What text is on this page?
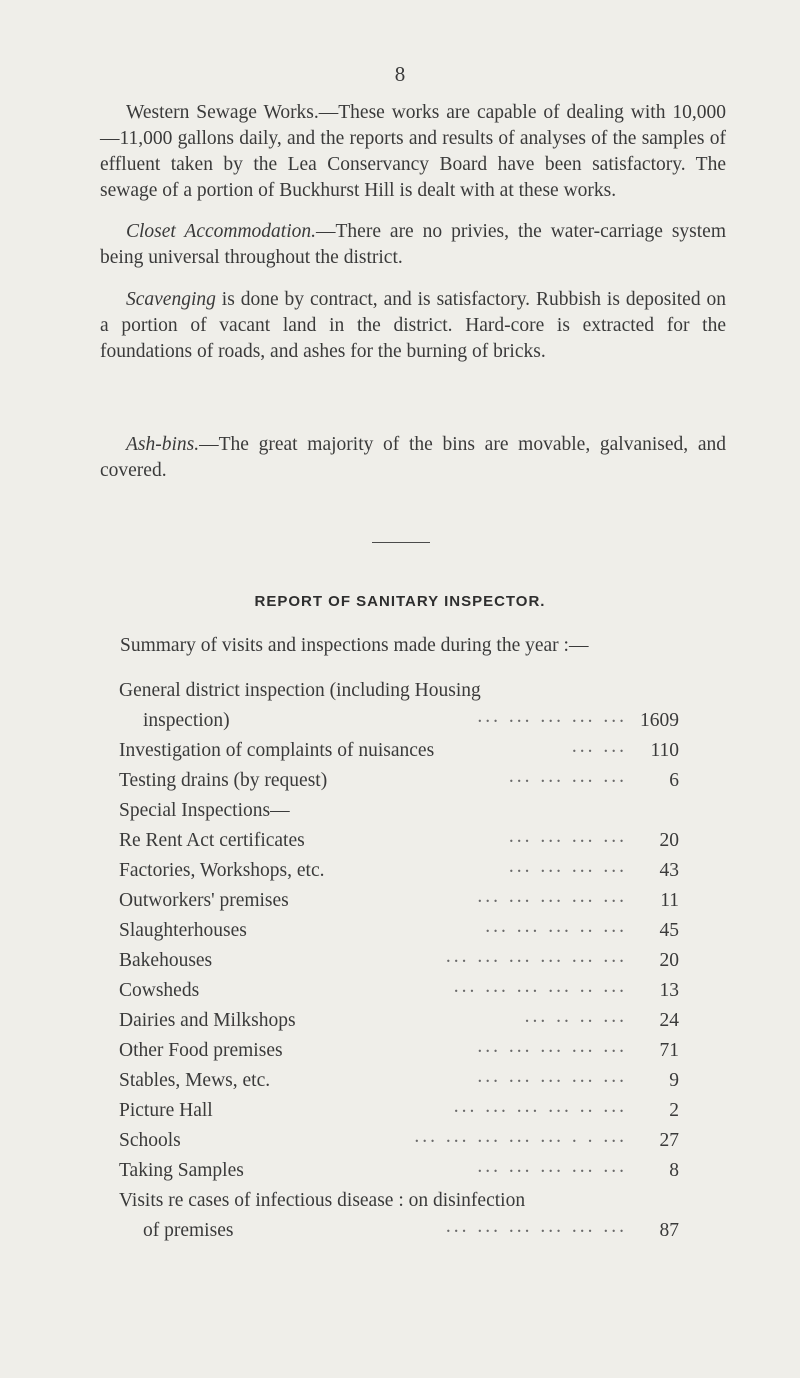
8

Western Sewage Works.—These works are capable of dealing with 10,000—11,000 gallons daily, and the reports and results of analyses of the samples of effluent taken by the Lea Conservancy Board have been satisfactory. The sewage of a portion of Buckhurst Hill is dealt with at these works.

Closet Accommodation.—There are no privies, the water-carriage system being universal throughout the district.

Scavenging is done by contract, and is satisfactory. Rubbish is deposited on a portion of vacant land in the district. Hard-core is extracted for the foundations of roads, and ashes for the burning of bricks.

Ash-bins.—The great majority of the bins are movable, galvanised, and covered.

REPORT OF SANITARY INSPECTOR.
Summary of visits and inspections made during the year :—
General district inspection (including Housing
inspection)	... ... ... ... ... 1609
Investigation of complaints of nuisances	... ...	110
Testing drains (by request)	... ... ... ...	6
Special Inspections—
Re Rent Act certificates	... ... ... ...	20
Factories, Workshops, etc.	... ... ... ...	43
Outworkers' premises	... ... ... ... ...	11
Slaughterhouses	... ... ... .. ...	45
Bakehouses	... ... ... ... ... ...	20
Cowsheds	... ... ... ... .. ...	13
Dairies and Milkshops	... .. .. ...	24
Other Food premises	... ... ... ... ...	71
Stables, Mews, etc.	... ... ... ... ...	9
Picture Hall	... ... ... ... .. ...	2
Schools	... ... ... ... ... . . ...	27
Taking Samples	... ... ... ... ...	8
Visits re cases of infectious disease : on disinfection
of premises	... ... ... ... ... ...	87
